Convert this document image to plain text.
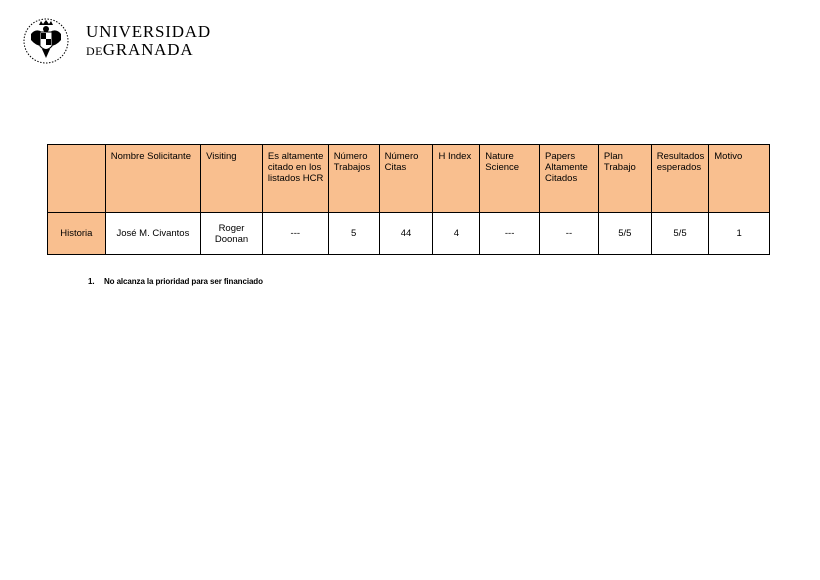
UNIVERSIDAD
DEGRANADA
	Nombre Solicitante	Visiting	Es altamente citado en los listados HCR	Número Trabajos	Número Citas	H Index	Nature Science	Papers Altamente Citados	Plan Trabajo	Resultados esperados	Motivo
Historia	José M. Civantos	Roger Doonan	---	5	44	4	---	--	5/5	5/5	1
1.	No alcanza la prioridad para ser financiado
